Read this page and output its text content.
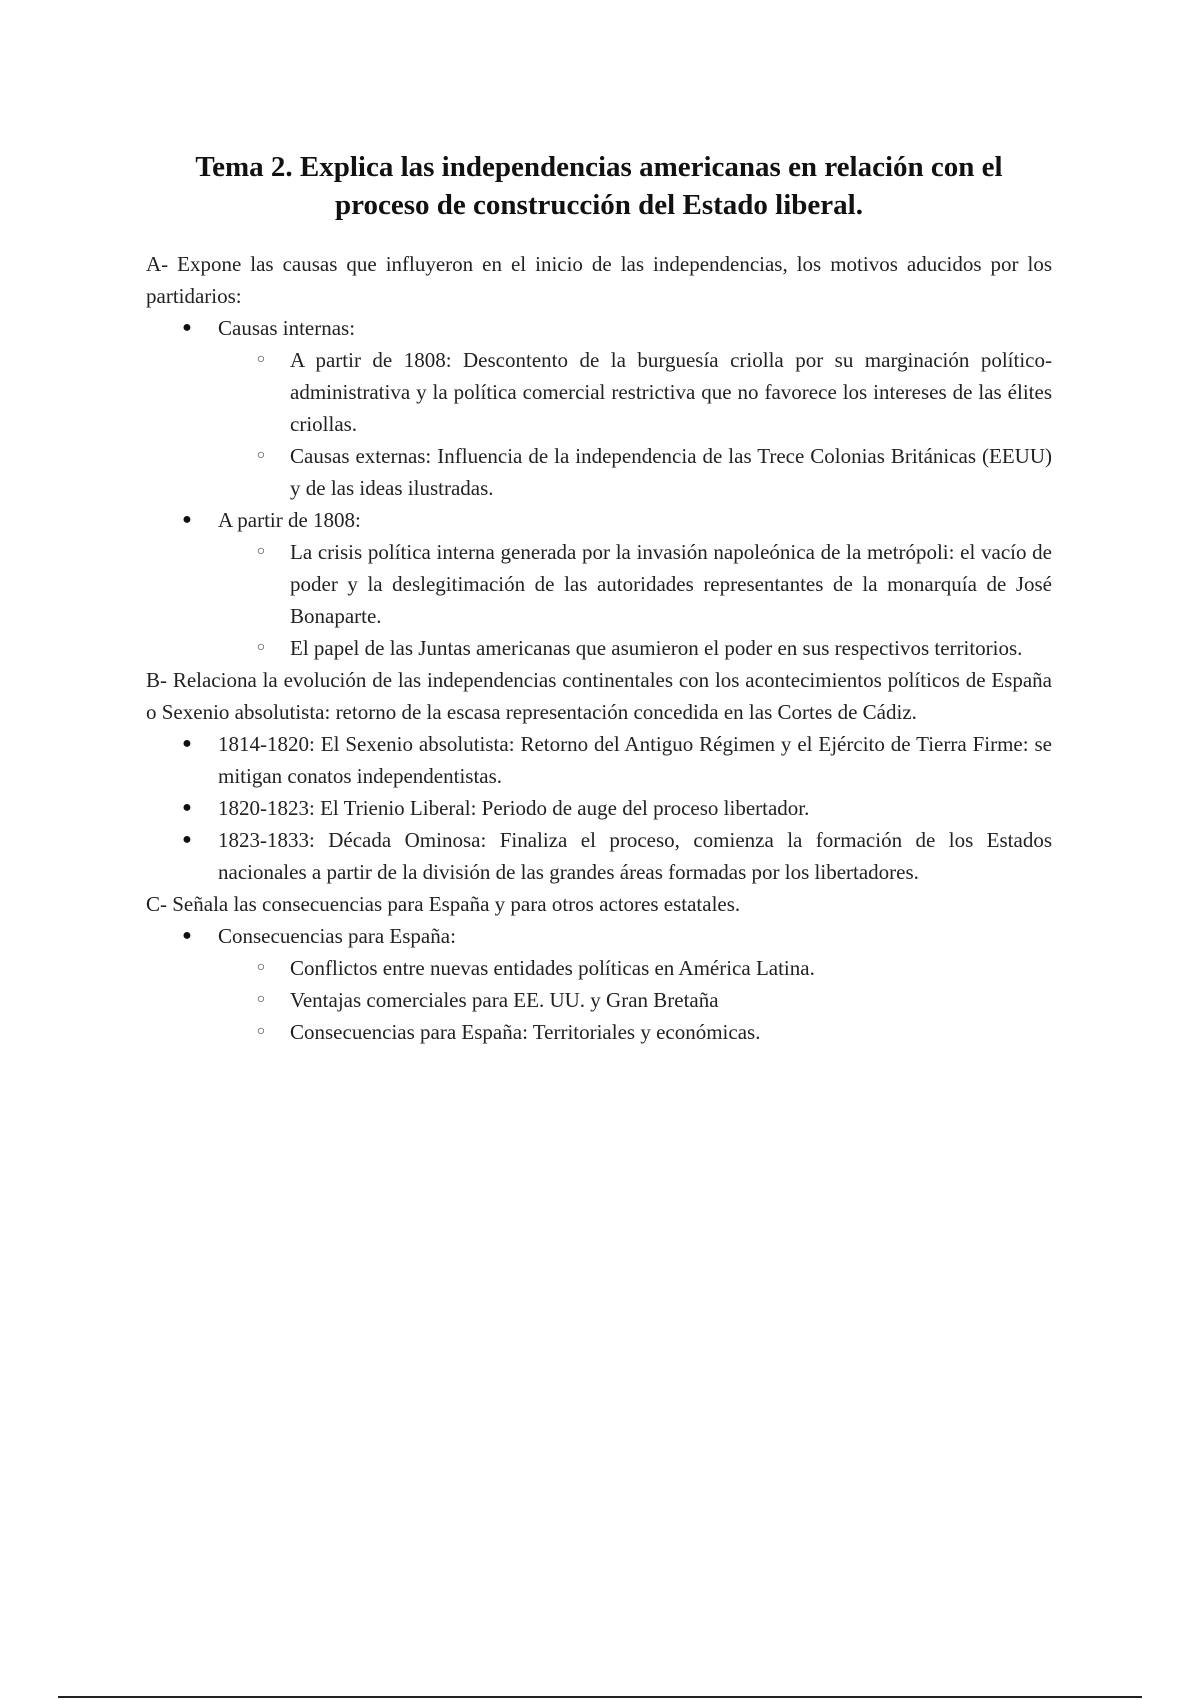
Tema 2. Explica las independencias americanas en relación con el proceso de construcción del Estado liberal.

A- Expone las causas que influyeron en el inicio de las independencias, los motivos aducidos por los partidarios:

● Causas internas:
○ A partir de 1808: Descontento de la burguesía criolla por su marginación político-administrativa y la política comercial restrictiva que no favorece los intereses de las élites criollas.
○ Causas externas: Influencia de la independencia de las Trece Colonias Británicas (EEUU) y de las ideas ilustradas.
● A partir de 1808:
○ La crisis política interna generada por la invasión napoleónica de la metrópoli: el vacío de poder y la deslegitimación de las autoridades representantes de la monarquía de José Bonaparte.
○ El papel de las Juntas americanas que asumieron el poder en sus respectivos territorios.

B- Relaciona la evolución de las independencias continentales con los acontecimientos políticos de España o Sexenio absolutista: retorno de la escasa representación concedida en las Cortes de Cádiz.

● 1814-1820: El Sexenio absolutista: Retorno del Antiguo Régimen y el Ejército de Tierra Firme: se mitigan conatos independentistas.
● 1820-1823: El Trienio Liberal: Periodo de auge del proceso libertador.
● 1823-1833: Década Ominosa: Finaliza el proceso, comienza la formación de los Estados nacionales a partir de la división de las grandes áreas formadas por los libertadores.

C- Señala las consecuencias para España y para otros actores estatales.

● Consecuencias para España:
○ Conflictos entre nuevas entidades políticas en América Latina.
○ Ventajas comerciales para EE. UU. y Gran Bretaña
○ Consecuencias para España: Territoriales y económicas.
